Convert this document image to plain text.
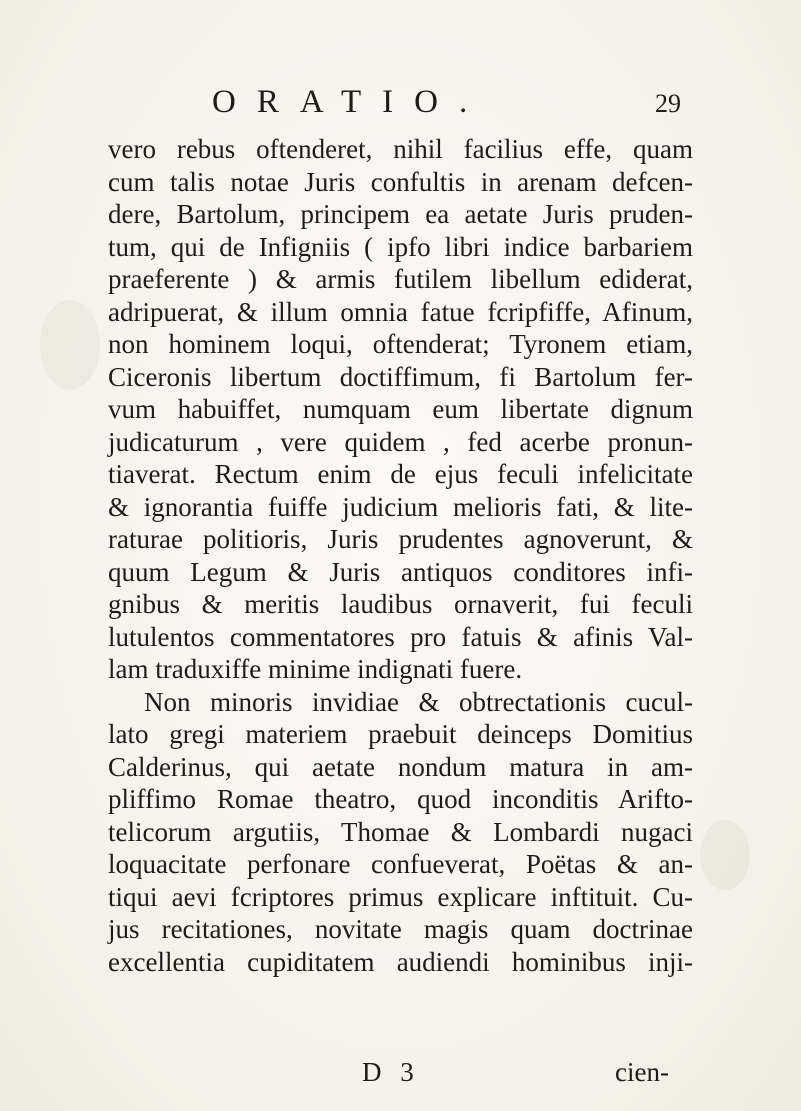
ORATIO.	29
vero rebus oftenderet, nihil facilius effe, quam
cum talis notae Juris confultis in arenam defcen-
dere, Bartolum, principem ea aetate Juris pruden-
tum, qui de Infigniis ( ipfo libri indice barbariem
praeferente ) & armis futilem libellum ediderat,
adripuerat, & illum omnia fatue fcripfiffe, Afinum,
non hominem loqui, oftenderat; Tyronem etiam,
Ciceronis libertum doctiffimum, fi Bartolum fer-
vum habuiffet, numquam eum libertate dignum
judicaturum , vere quidem , fed acerbe pronun-
tiaverat. Rectum enim de ejus feculi infelicitate
& ignorantia fuiffe judicium melioris fati, & lite-
raturae politioris, Juris prudentes agnoverunt, &
quum Legum & Juris antiquos conditores infi-
gnibus & meritis laudibus ornaverit, fui feculi
lutulentos commentatores pro fatuis & afinis Val-
lam traduxiffe minime indignati fuere.
Non minoris invidiae & obtrectationis cucul-
lato gregi materiem praebuit deinceps Domitius
Calderinus, qui aetate nondum matura in am-
pliffimo Romae theatro, quod inconditis Arifto-
telicorum argutiis, Thomae & Lombardi nugaci
loquacitate perfonare confueverat, Poëtas & an-
tiqui aevi fcriptores primus explicare inftituit. Cu-
jus recitationes, novitate magis quam doctrinae
excellentia cupiditatem audiendi hominibus inji-
D 3	cien-
